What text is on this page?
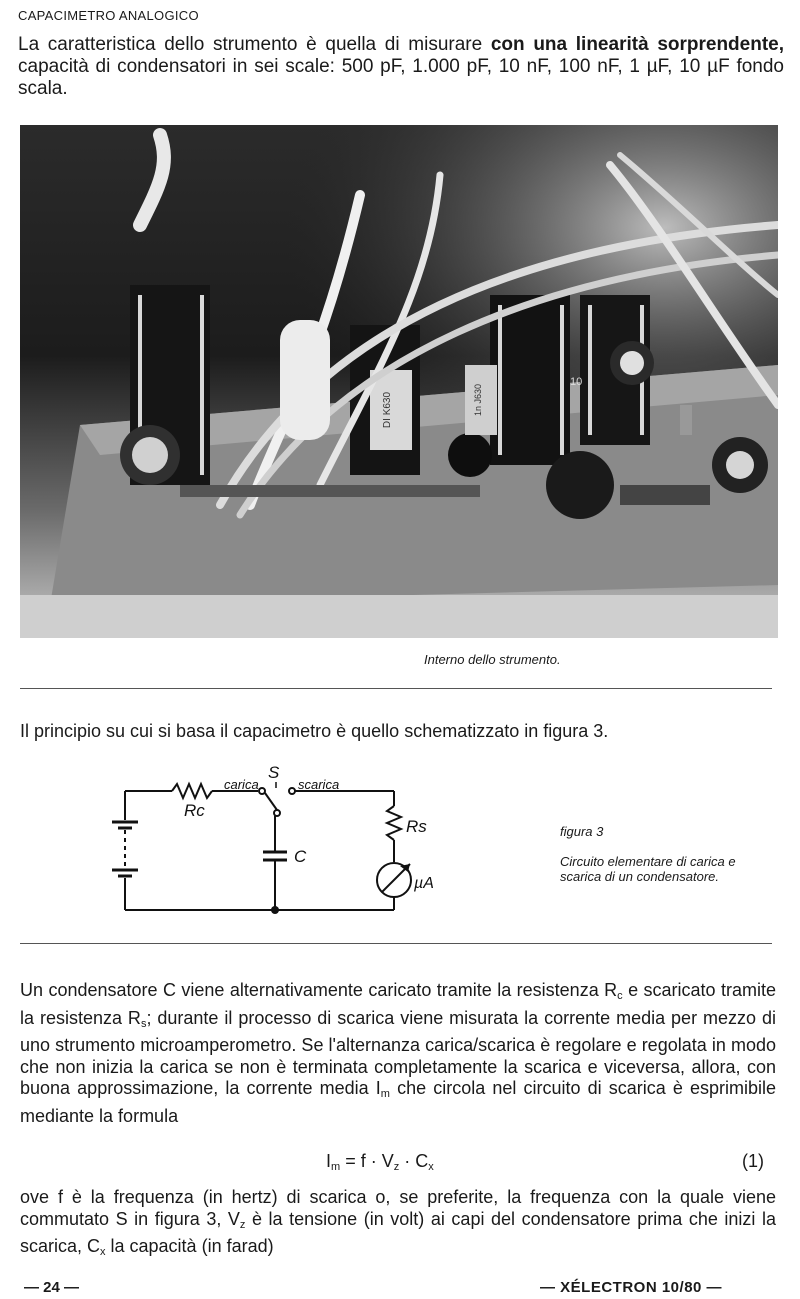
CAPACIMETRO ANALOGICO
La caratteristica dello strumento è quella di misurare con una linearità sorprendente, capacità di condensatori in sei scale: 500 pF, 1.000 pF, 10 nF, 100 nF, 1 µF, 10 µF fondo scala.
DI K630	1n J630
10
Interno dello strumento.
Il principio su cui si basa il capacimetro è quello schematizzato in figura 3.
Rc
carica
S
scarica
Rs
C
µA
figura 3
Circuito elementare di carica e scarica di un condensatore.
Un condensatore C viene alternativamente caricato tramite la resistenza $R_c$ e scaricato tramite la resistenza $R_s$; durante il processo di scarica viene misurata la corrente media per mezzo di uno strumento microamperometro. Se l'alternanza carica/scarica è regolare e regolata in modo che non inizia la carica se non è terminata completamente la scarica e viceversa, allora, con buona approssimazione, la corrente media $I_m$ che circola nel circuito di scarica è esprimibile mediante la formula
$I_m = f \cdot V_z \cdot C_x$	(1)
ove f è la frequenza (in hertz) di scarica o, se preferite, la frequenza con la quale viene commutato S in figura 3, $V_z$ è la tensione (in volt) ai capi del condensatore prima che inizi la scarica, $C_x$ la capacità (in farad)
— 24 —	— XÉLECTRON 10/80 —
